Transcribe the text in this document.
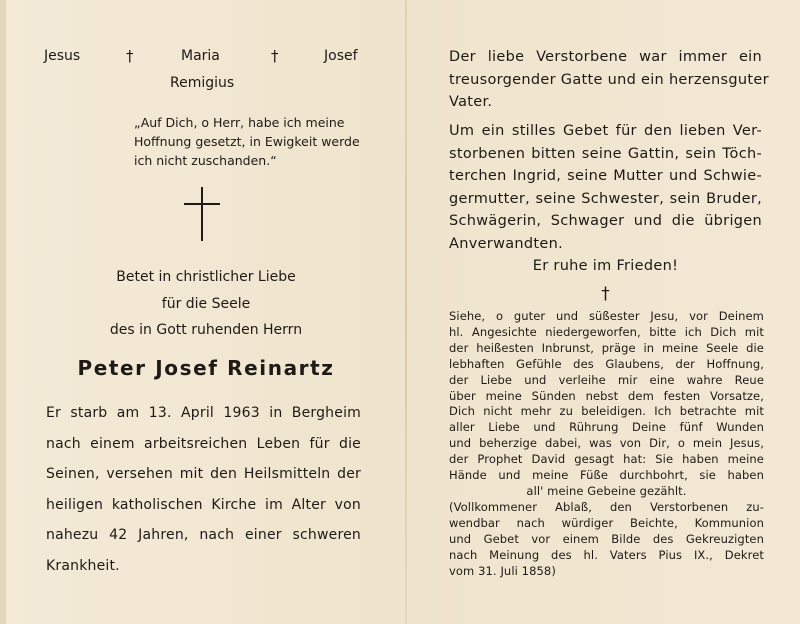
Jesus	†	Maria	†	Josef
Remigius
„Auf Dich, o Herr, habe ich meine
Hoffnung gesetzt, in Ewigkeit werde
ich nicht zuschanden.“
Betet in christlicher Liebe
für die Seele
des in Gott ruhenden Herrn
Peter Josef Reinartz

Er starb am 13. April 1963 in Bergheim

nach einem arbeitsreichen Leben für die

Seinen, versehen mit den Heilsmitteln der

heiligen katholischen Kirche im Alter von

nahezu 42 Jahren, nach einer schweren

Krankheit.

Der liebe Verstorbene war immer ein

treusorgender Gatte und ein herzensguter

Vater.

Um ein stilles Gebet für den lieben Ver-

storbenen bitten seine Gattin, sein Töch-

terchen Ingrid, seine Mutter und Schwie-

germutter, seine Schwester, sein Bruder,

Schwägerin, Schwager und die übrigen

Anverwandten.

Er ruhe im Frieden!
†

Siehe, o guter und süßester Jesu, vor Deinem

hl. Angesichte niedergeworfen, bitte ich Dich mit

der heißesten Inbrunst, präge in meine Seele die

lebhaften Gefühle des Glaubens, der Hoffnung,

der Liebe und verleihe mir eine wahre Reue

über meine Sünden nebst dem festen Vorsatze,

Dich nicht mehr zu beleidigen. Ich betrachte mit

aller Liebe und Rührung Deine fünf Wunden

und beherzige dabei, was von Dir, o mein Jesus,

der Prophet David gesagt hat: Sie haben meine

Hände und meine Füße durchbohrt, sie haben

all' meine Gebeine gezählt.

(Vollkommener Ablaß, den Verstorbenen zu-

wendbar nach würdiger Beichte, Kommunion

und Gebet vor einem Bilde des Gekreuzigten

nach Meinung des hl. Vaters Pius IX., Dekret

vom 31. Juli 1858)
